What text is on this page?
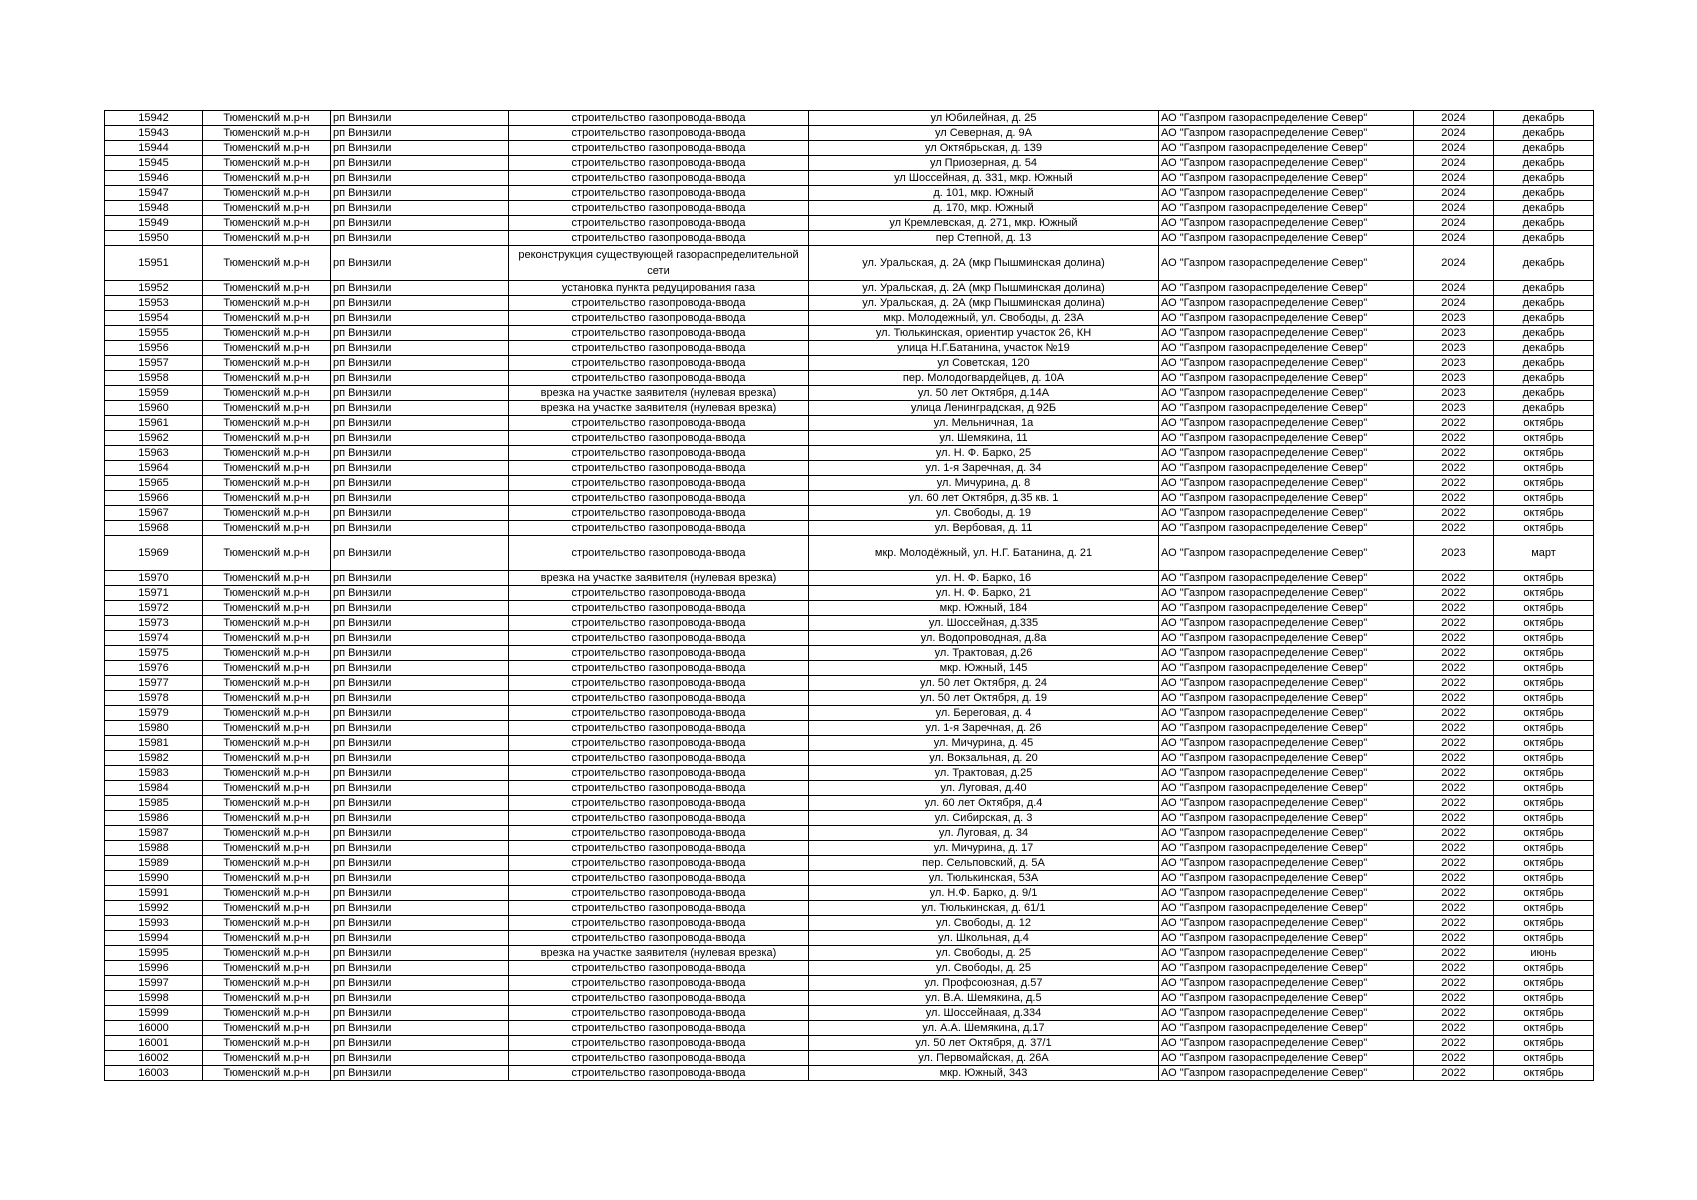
15942	Тюменский м.р-н	рп Винзили	строительство газопровода-ввода	ул Юбилейная, д. 25	АО "Газпром газораспределение Север"	2024	декабрь
15943	Тюменский м.р-н	рп Винзили	строительство газопровода-ввода	ул Северная, д. 9А	АО "Газпром газораспределение Север"	2024	декабрь
15944	Тюменский м.р-н	рп Винзили	строительство газопровода-ввода	ул Октябрьская, д. 139	АО "Газпром газораспределение Север"	2024	декабрь
15945	Тюменский м.р-н	рп Винзили	строительство газопровода-ввода	ул Приозерная, д. 54	АО "Газпром газораспределение Север"	2024	декабрь
15946	Тюменский м.р-н	рп Винзили	строительство газопровода-ввода	ул Шоссейная, д. 331, мкр. Южный	АО "Газпром газораспределение Север"	2024	декабрь
15947	Тюменский м.р-н	рп Винзили	строительство газопровода-ввода	д. 101, мкр. Южный	АО "Газпром газораспределение Север"	2024	декабрь
15948	Тюменский м.р-н	рп Винзили	строительство газопровода-ввода	д. 170, мкр. Южный	АО "Газпром газораспределение Север"	2024	декабрь
15949	Тюменский м.р-н	рп Винзили	строительство газопровода-ввода	ул Кремлевская, д. 271, мкр. Южный	АО "Газпром газораспределение Север"	2024	декабрь
15950	Тюменский м.р-н	рп Винзили	строительство газопровода-ввода	пер Степной, д. 13	АО "Газпром газораспределение Север"	2024	декабрь
15951	Тюменский м.р-н	рп Винзили	реконструкция существующей газораспределительной сети	ул. Уральская, д. 2А (мкр Пышминская долина)	АО "Газпром газораспределение Север"	2024	декабрь
15952	Тюменский м.р-н	рп Винзили	установка пункта редуцирования газа	ул. Уральская, д. 2А (мкр Пышминская долина)	АО "Газпром газораспределение Север"	2024	декабрь
15953	Тюменский м.р-н	рп Винзили	строительство газопровода-ввода	ул. Уральская, д. 2А (мкр Пышминская долина)	АО "Газпром газораспределение Север"	2024	декабрь
15954	Тюменский м.р-н	рп Винзили	строительство газопровода-ввода	мкр. Молодежный, ул. Свободы, д. 23А	АО "Газпром газораспределение Север"	2023	декабрь
15955	Тюменский м.р-н	рп Винзили	строительство газопровода-ввода	ул. Тюлькинская, ориентир участок 26, КН	АО "Газпром газораспределение Север"	2023	декабрь
15956	Тюменский м.р-н	рп Винзили	строительство газопровода-ввода	улица Н.Г.Батанина, участок №19	АО "Газпром газораспределение Север"	2023	декабрь
15957	Тюменский м.р-н	рп Винзили	строительство газопровода-ввода	ул Советская, 120	АО "Газпром газораспределение Север"	2023	декабрь
15958	Тюменский м.р-н	рп Винзили	строительство газопровода-ввода	пер. Молодогвардейцев, д. 10А	АО "Газпром газораспределение Север"	2023	декабрь
15959	Тюменский м.р-н	рп Винзили	врезка на участке заявителя (нулевая врезка)	ул. 50 лет Октября, д.14А	АО "Газпром газораспределение Север"	2023	декабрь
15960	Тюменский м.р-н	рп Винзили	врезка на участке заявителя (нулевая врезка)	улица Ленинградская, д 92Б	АО "Газпром газораспределение Север"	2023	декабрь
15961	Тюменский м.р-н	рп Винзили	строительство газопровода-ввода	ул. Мельничная, 1а	АО "Газпром газораспределение Север"	2022	октябрь
15962	Тюменский м.р-н	рп Винзили	строительство газопровода-ввода	ул. Шемякина, 11	АО "Газпром газораспределение Север"	2022	октябрь
15963	Тюменский м.р-н	рп Винзили	строительство газопровода-ввода	ул. Н. Ф. Барко, 25	АО "Газпром газораспределение Север"	2022	октябрь
15964	Тюменский м.р-н	рп Винзили	строительство газопровода-ввода	ул. 1-я Заречная, д. 34	АО "Газпром газораспределение Север"	2022	октябрь
15965	Тюменский м.р-н	рп Винзили	строительство газопровода-ввода	ул. Мичурина, д. 8	АО "Газпром газораспределение Север"	2022	октябрь
15966	Тюменский м.р-н	рп Винзили	строительство газопровода-ввода	ул. 60 лет Октября, д.35 кв. 1	АО "Газпром газораспределение Север"	2022	октябрь
15967	Тюменский м.р-н	рп Винзили	строительство газопровода-ввода	ул. Свободы, д. 19	АО "Газпром газораспределение Север"	2022	октябрь
15968	Тюменский м.р-н	рп Винзили	строительство газопровода-ввода	ул. Вербовая, д. 11	АО "Газпром газораспределение Север"	2022	октябрь
15969	Тюменский м.р-н	рп Винзили	строительство газопровода-ввода	мкр. Молодёжный, ул. Н.Г. Батанина, д. 21	АО "Газпром газораспределение Север"	2023	март
15970	Тюменский м.р-н	рп Винзили	врезка на участке заявителя (нулевая врезка)	ул. Н. Ф. Барко, 16	АО "Газпром газораспределение Север"	2022	октябрь
15971	Тюменский м.р-н	рп Винзили	строительство газопровода-ввода	ул. Н. Ф. Барко, 21	АО "Газпром газораспределение Север"	2022	октябрь
15972	Тюменский м.р-н	рп Винзили	строительство газопровода-ввода	мкр. Южный, 184	АО "Газпром газораспределение Север"	2022	октябрь
15973	Тюменский м.р-н	рп Винзили	строительство газопровода-ввода	ул. Шоссейная, д.335	АО "Газпром газораспределение Север"	2022	октябрь
15974	Тюменский м.р-н	рп Винзили	строительство газопровода-ввода	ул. Водопроводная, д.8а	АО "Газпром газораспределение Север"	2022	октябрь
15975	Тюменский м.р-н	рп Винзили	строительство газопровода-ввода	ул. Трактовая, д.26	АО "Газпром газораспределение Север"	2022	октябрь
15976	Тюменский м.р-н	рп Винзили	строительство газопровода-ввода	мкр. Южный, 145	АО "Газпром газораспределение Север"	2022	октябрь
15977	Тюменский м.р-н	рп Винзили	строительство газопровода-ввода	ул. 50 лет Октября, д. 24	АО "Газпром газораспределение Север"	2022	октябрь
15978	Тюменский м.р-н	рп Винзили	строительство газопровода-ввода	ул. 50 лет Октября, д. 19	АО "Газпром газораспределение Север"	2022	октябрь
15979	Тюменский м.р-н	рп Винзили	строительство газопровода-ввода	ул. Береговая, д. 4	АО "Газпром газораспределение Север"	2022	октябрь
15980	Тюменский м.р-н	рп Винзили	строительство газопровода-ввода	ул. 1-я Заречная, д. 26	АО "Газпром газораспределение Север"	2022	октябрь
15981	Тюменский м.р-н	рп Винзили	строительство газопровода-ввода	ул. Мичурина, д. 45	АО "Газпром газораспределение Север"	2022	октябрь
15982	Тюменский м.р-н	рп Винзили	строительство газопровода-ввода	ул. Вокзальная, д. 20	АО "Газпром газораспределение Север"	2022	октябрь
15983	Тюменский м.р-н	рп Винзили	строительство газопровода-ввода	ул. Трактовая, д.25	АО "Газпром газораспределение Север"	2022	октябрь
15984	Тюменский м.р-н	рп Винзили	строительство газопровода-ввода	ул. Луговая, д.40	АО "Газпром газораспределение Север"	2022	октябрь
15985	Тюменский м.р-н	рп Винзили	строительство газопровода-ввода	ул. 60 лет Октября, д.4	АО "Газпром газораспределение Север"	2022	октябрь
15986	Тюменский м.р-н	рп Винзили	строительство газопровода-ввода	ул. Сибирская, д. 3	АО "Газпром газораспределение Север"	2022	октябрь
15987	Тюменский м.р-н	рп Винзили	строительство газопровода-ввода	ул. Луговая, д. 34	АО "Газпром газораспределение Север"	2022	октябрь
15988	Тюменский м.р-н	рп Винзили	строительство газопровода-ввода	ул. Мичурина, д. 17	АО "Газпром газораспределение Север"	2022	октябрь
15989	Тюменский м.р-н	рп Винзили	строительство газопровода-ввода	пер. Сельповский, д. 5А	АО "Газпром газораспределение Север"	2022	октябрь
15990	Тюменский м.р-н	рп Винзили	строительство газопровода-ввода	ул. Тюлькинская, 53А	АО "Газпром газораспределение Север"	2022	октябрь
15991	Тюменский м.р-н	рп Винзили	строительство газопровода-ввода	ул. Н.Ф. Барко, д. 9/1	АО "Газпром газораспределение Север"	2022	октябрь
15992	Тюменский м.р-н	рп Винзили	строительство газопровода-ввода	ул. Тюлькинская, д. 61/1	АО "Газпром газораспределение Север"	2022	октябрь
15993	Тюменский м.р-н	рп Винзили	строительство газопровода-ввода	ул. Свободы, д. 12	АО "Газпром газораспределение Север"	2022	октябрь
15994	Тюменский м.р-н	рп Винзили	строительство газопровода-ввода	ул. Школьная, д.4	АО "Газпром газораспределение Север"	2022	октябрь
15995	Тюменский м.р-н	рп Винзили	врезка на участке заявителя (нулевая врезка)	ул. Свободы, д. 25	АО "Газпром газораспределение Север"	2022	июнь
15996	Тюменский м.р-н	рп Винзили	строительство газопровода-ввода	ул. Свободы, д. 25	АО "Газпром газораспределение Север"	2022	октябрь
15997	Тюменский м.р-н	рп Винзили	строительство газопровода-ввода	ул. Профсоюзная, д.57	АО "Газпром газораспределение Север"	2022	октябрь
15998	Тюменский м.р-н	рп Винзили	строительство газопровода-ввода	ул. В.А. Шемякина, д.5	АО "Газпром газораспределение Север"	2022	октябрь
15999	Тюменский м.р-н	рп Винзили	строительство газопровода-ввода	ул. Шоссейнаая, д.334	АО "Газпром газораспределение Север"	2022	октябрь
16000	Тюменский м.р-н	рп Винзили	строительство газопровода-ввода	ул. А.А. Шемякина, д.17	АО "Газпром газораспределение Север"	2022	октябрь
16001	Тюменский м.р-н	рп Винзили	строительство газопровода-ввода	ул. 50 лет Октября, д. 37/1	АО "Газпром газораспределение Север"	2022	октябрь
16002	Тюменский м.р-н	рп Винзили	строительство газопровода-ввода	ул. Первомайская, д. 26А	АО "Газпром газораспределение Север"	2022	октябрь
16003	Тюменский м.р-н	рп Винзили	строительство газопровода-ввода	мкр. Южный, 343	АО "Газпром газораспределение Север"	2022	октябрь
